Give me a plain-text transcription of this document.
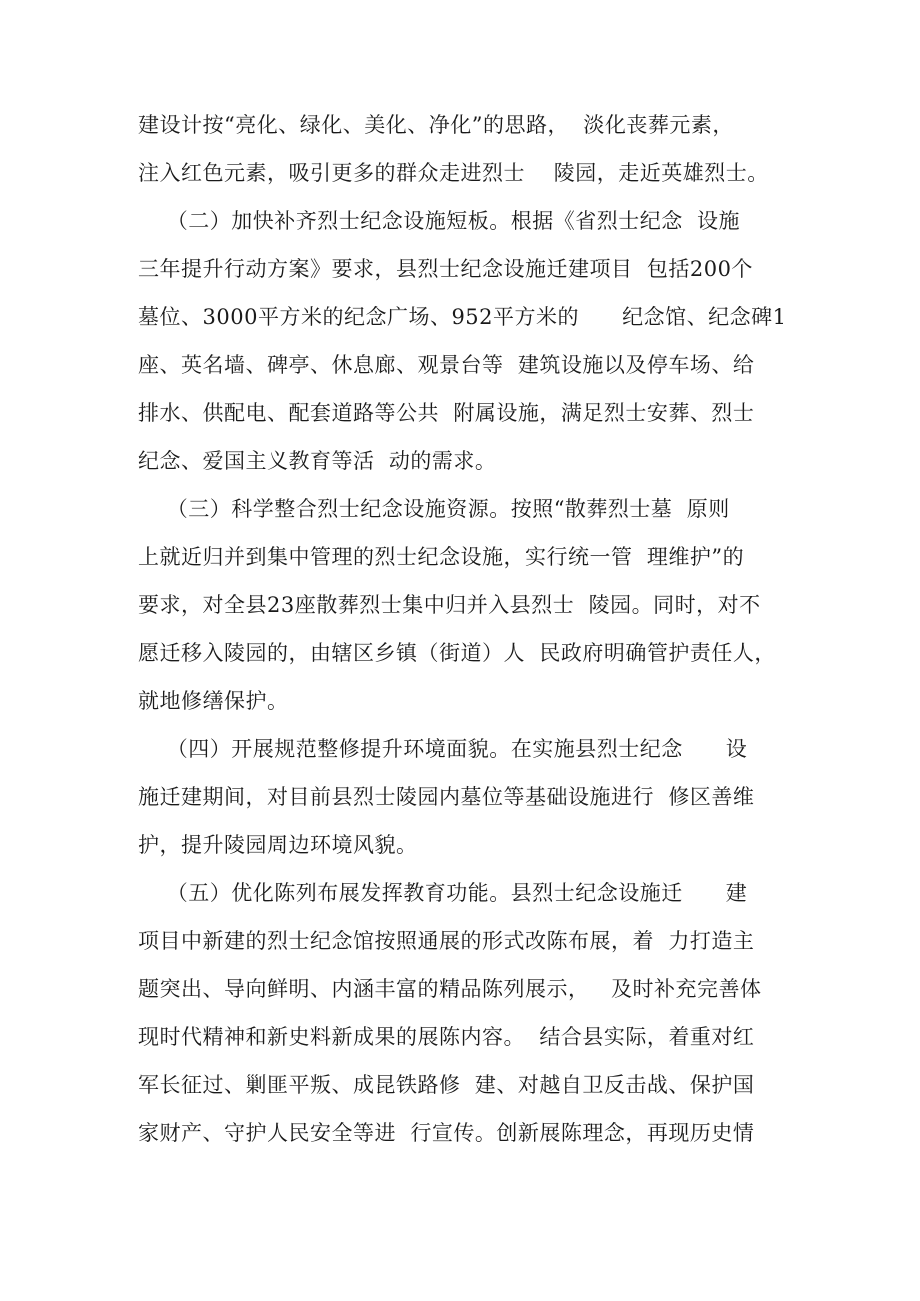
建设计按“亮化、绿化、美化、净化”的思路，  淡化丧葬元素，
注入红色元素，吸引更多的群众走进烈士    陵园，走近英雄烈士。
（二）加快补齐烈士纪念设施短板。根据《省烈士纪念  设施
三年提升行动方案》要求，县烈士纪念设施迁建项目  包括200个
墓位、3000平方米的纪念广场、952平方米的      纪念馆、纪念碑1
座、英名墙、碑亭、休息廊、观景台等  建筑设施以及停车场、给
排水、供配电、配套道路等公共  附属设施，满足烈士安葬、烈士
纪念、爱国主义教育等活  动的需求。
（三）科学整合烈士纪念设施资源。按照“散葬烈士墓  原则
上就近归并到集中管理的烈士纪念设施，实行统一管  理维护”的
要求，对全县23座散葬烈士集中归并入县烈士  陵园。同时，对不
愿迁移入陵园的，由辖区乡镇（街道）人  民政府明确管护责任人，
就地修缮保护。
（四）开展规范整修提升环境面貌。在实施县烈士纪念      设
施迁建期间，对目前县烈士陵园内墓位等基础设施进行  修区善维
护，提升陵园周边环境风貌。
（五）优化陈列布展发挥教育功能。县烈士纪念设施迁      建
项目中新建的烈士纪念馆按照通展的形式改陈布展，着  力打造主
题突出、导向鲜明、内涵丰富的精品陈列展示，   及时补充完善体
现时代精神和新史料新成果的展陈内容。  结合县实际，着重对红
军长征过、剿匪平叛、成昆铁路修  建、对越自卫反击战、保护国
家财产、守护人民安全等进  行宣传。创新展陈理念，再现历史情
